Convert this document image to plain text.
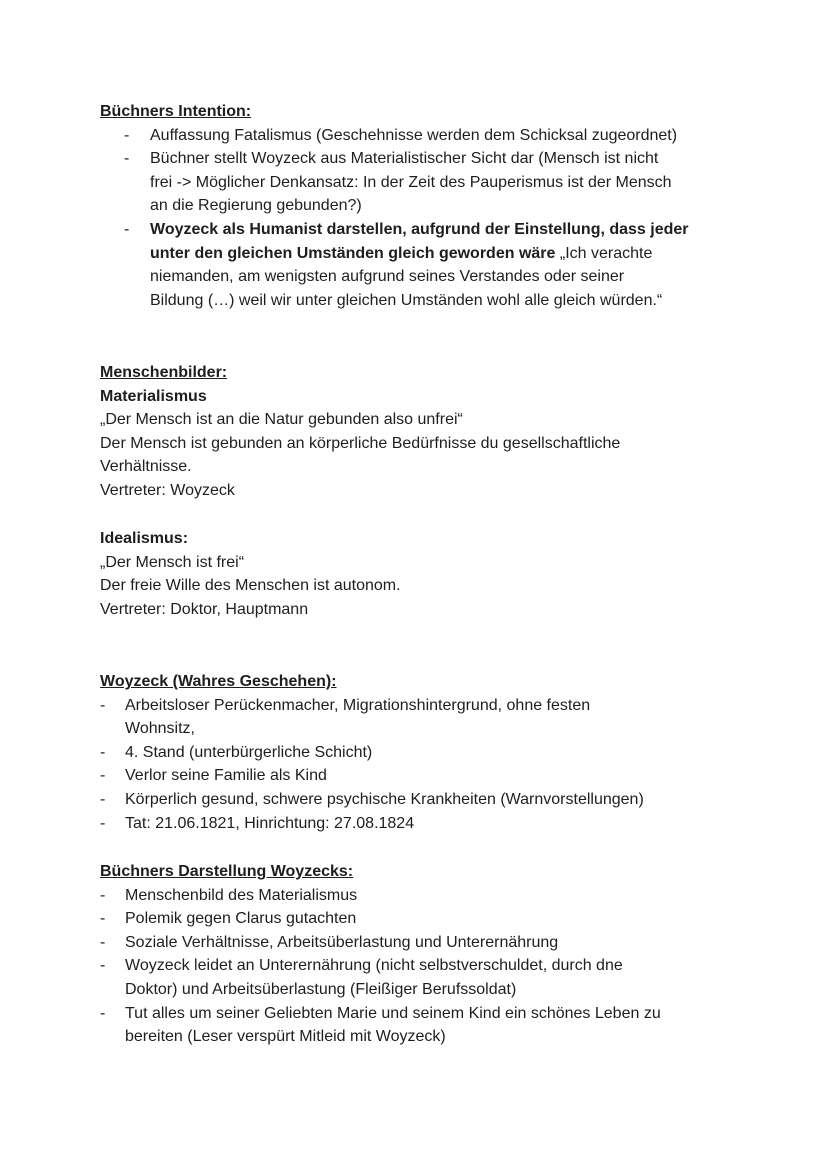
Büchners Intention:
- Auffassung Fatalismus (Geschehnisse werden dem Schicksal zugeordnet)
- Büchner stellt Woyzeck aus Materialistischer Sicht dar (Mensch ist nicht
frei -> Möglicher Denkansatz: In der Zeit des Pauperismus ist der Mensch
an die Regierung gebunden?)
- Woyzeck als Humanist darstellen, aufgrund der Einstellung, dass jeder
unter den gleichen Umständen gleich geworden wäre „Ich verachte
niemanden, am wenigsten aufgrund seines Verstandes oder seiner
Bildung (…) weil wir unter gleichen Umständen wohl alle gleich würden.“
Menschenbilder:
Materialismus
„Der Mensch ist an die Natur gebunden also unfrei“
Der Mensch ist gebunden an körperliche Bedürfnisse du gesellschaftliche
Verhältnisse.
Vertreter: Woyzeck
Idealismus:
„Der Mensch ist frei“
Der freie Wille des Menschen ist autonom.
Vertreter: Doktor, Hauptmann
Woyzeck (Wahres Geschehen):
- Arbeitsloser Perückenmacher, Migrationshintergrund, ohne festen
Wohnsitz,
- 4. Stand (unterbürgerliche Schicht)
- Verlor seine Familie als Kind
- Körperlich gesund, schwere psychische Krankheiten (Warnvorstellungen)
- Tat: 21.06.1821, Hinrichtung: 27.08.1824
Büchners Darstellung Woyzecks:
- Menschenbild des Materialismus
- Polemik gegen Clarus gutachten
- Soziale Verhältnisse, Arbeitsüberlastung und Unterernährung
- Woyzeck leidet an Unterernährung (nicht selbstverschuldet, durch dne
Doktor) und Arbeitsüberlastung (Fleißiger Berufssoldat)
- Tut alles um seiner Geliebten Marie und seinem Kind ein schönes Leben zu
bereiten (Leser verspürt Mitleid mit Woyzeck)
